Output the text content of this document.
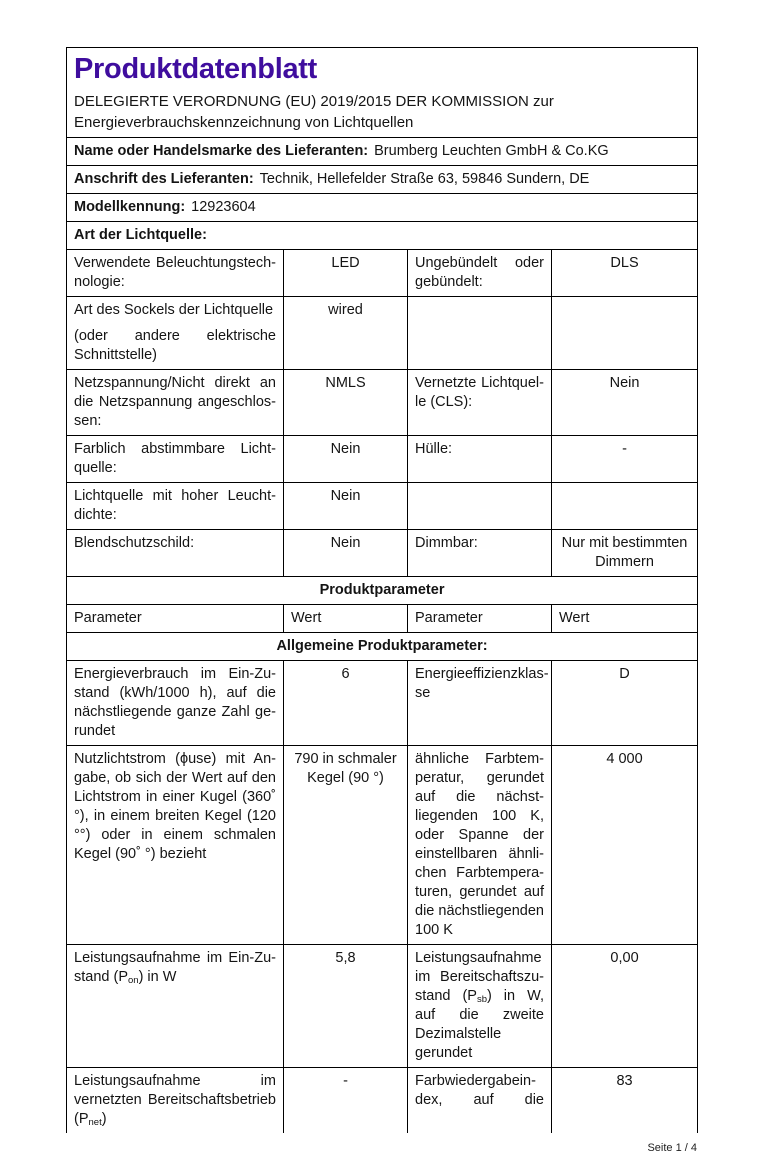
Produktdatenblatt
DELEGIERTE VERORDNUNG (EU) 2019/2015 DER KOMMISSION zur
Energieverbrauchskennzeichnung von Lichtquellen			

Name oder Handelsmarke des Lieferanten: Brumberg Leuchten GmbH & Co.KG			
Anschrift des Lieferanten: Technik, Hellefelder Straße 63, 59846 Sundern, DE			
Modellkennung: 12923604			
Art der Lichtquelle:			
Verwendete Beleuchtungstechnologie:	LED	Ungebündelt oder gebündelt:	DLS

Art des Sockels der Lichtquelle
(oder andere elektrische Schnittstelle)	wired		
Netzspannung/Nicht direkt an die Netzspannung angeschlossen:	NMLS	Vernetzte Lichtquelle (CLS):	Nein
Farblich abstimmbare Lichtquelle:	Nein	Hülle:	-
Lichtquelle mit hoher Leuchtdichte:	Nein		
Blendschutzschild:	Nein	Dimmbar:	Nur mit bestimmten Dimmern
Produktparameter			
Parameter	Wert	Parameter	Wert
Allgemeine Produktparameter:			
Energieverbrauch im Ein-Zustand (kWh/1000 h), auf die nächstliegende ganze Zahl gerundet	6	Energieeffizienzklasse	D
Nutzlichtstrom (ϕuse) mit Angabe, ob sich der Wert auf den Lichtstrom in einer Kugel (360˚ °), in einem breiten Kegel (120 °°) oder in einem schmalen Kegel (90˚ °) bezieht	790 in schmaler Kegel (90 °)	ähnliche Farbtemperatur, gerundet auf die nächstliegenden 100 K, oder Spanne der einstellbaren ähnlichen Farbtemperaturen, gerundet auf die nächstliegenden 100 K	4 000
Leistungsaufnahme im Ein-Zustand $(P_{on})$ in W	5,8	Leistungsaufnahme im Bereitschaftszustand $(P_{sb})$ in W, auf die zweite Dezimalstelle gerundet	0,00
Leistungsaufnahme im vernetzten Bereitschaftsbetrieb $(P_{net})$	-	Farbwiedergabeindex, auf die	83
Seite 1 / 4
